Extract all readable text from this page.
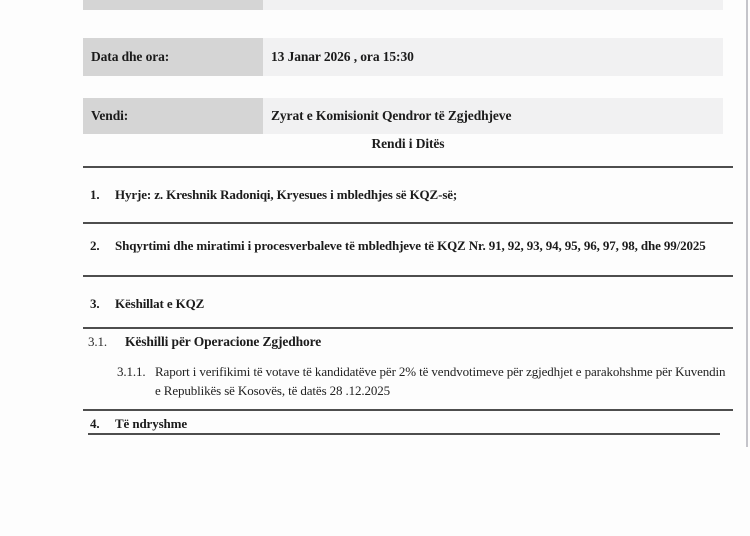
Data dhe ora:	13 Janar 2026 , ora 15:30
Vendi:	Zyrat e Komisionit Qendror të Zgjedhjeve
Rendi i Ditës
1.	Hyrje: z. Kreshnik Radoniqi, Kryesues i mbledhjes së KQZ-së;
2.	Shqyrtimi dhe miratimi i procesverbaleve të mbledhjeve të KQZ Nr. 91, 92, 93, 94, 95, 96, 97, 98, dhe 99/2025
3.	Këshillat e KQZ
3.1.	Këshilli për Operacione Zgjedhore
3.1.1. Raport i verifikimi të votave të kandidatëve për 2% të vendvotimeve për zgjedhjet e parakohshme për Kuvendin e Republikës së Kosovës, të datës 28 .12.2025
4.	Të ndryshme
